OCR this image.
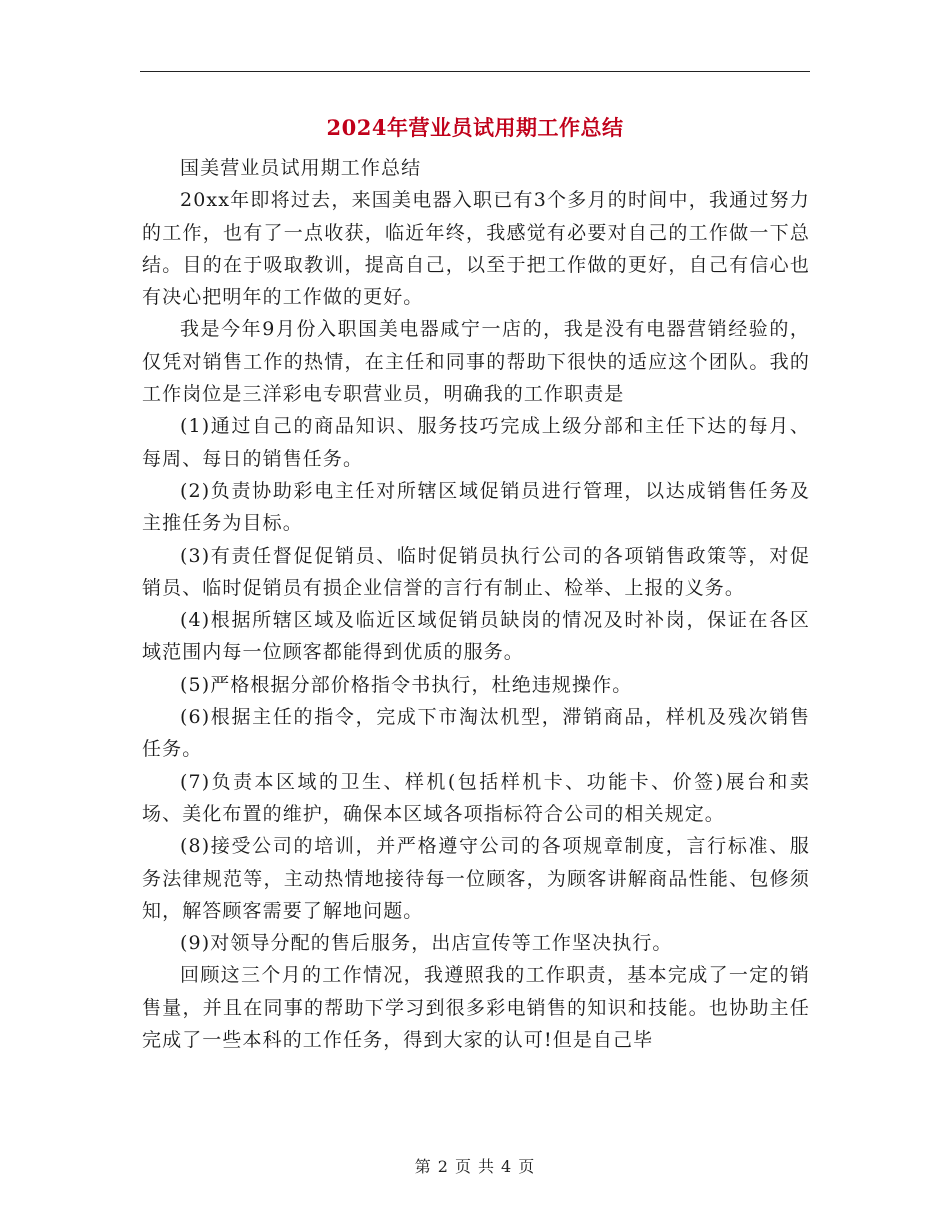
2024年营业员试用期工作总结

国美营业员试用期工作总结

20xx年即将过去，来国美电器入职已有3个多月的时间中，我通过努力的工作，也有了一点收获，临近年终，我感觉有必要对自己的工作做一下总结。目的在于吸取教训，提高自己，以至于把工作做的更好，自己有信心也有决心把明年的工作做的更好。

我是今年9月份入职国美电器咸宁一店的，我是没有电器营销经验的，仅凭对销售工作的热情，在主任和同事的帮助下很快的适应这个团队。我的工作岗位是三洋彩电专职营业员，明确我的工作职责是

(1)通过自己的商品知识、服务技巧完成上级分部和主任下达的每月、每周、每日的销售任务。

(2)负责协助彩电主任对所辖区域促销员进行管理，以达成销售任务及主推任务为目标。

(3)有责任督促促销员、临时促销员执行公司的各项销售政策等，对促销员、临时促销员有损企业信誉的言行有制止、检举、上报的义务。

(4)根据所辖区域及临近区域促销员缺岗的情况及时补岗，保证在各区域范围内每一位顾客都能得到优质的服务。

(5)严格根据分部价格指令书执行，杜绝违规操作。

(6)根据主任的指令，完成下市淘汰机型，滞销商品，样机及残次销售任务。

(7)负责本区域的卫生、样机(包括样机卡、功能卡、价签)展台和卖场、美化布置的维护，确保本区域各项指标符合公司的相关规定。

(8)接受公司的培训，并严格遵守公司的各项规章制度，言行标准、服务法律规范等，主动热情地接待每一位顾客，为顾客讲解商品性能、包修须知，解答顾客需要了解地问题。

(9)对领导分配的售后服务，出店宣传等工作坚决执行。

回顾这三个月的工作情况，我遵照我的工作职责，基本完成了一定的销售量，并且在同事的帮助下学习到很多彩电销售的知识和技能。也协助主任完成了一些本科的工作任务，得到大家的认可!但是自己毕

第 2 页 共 4 页
